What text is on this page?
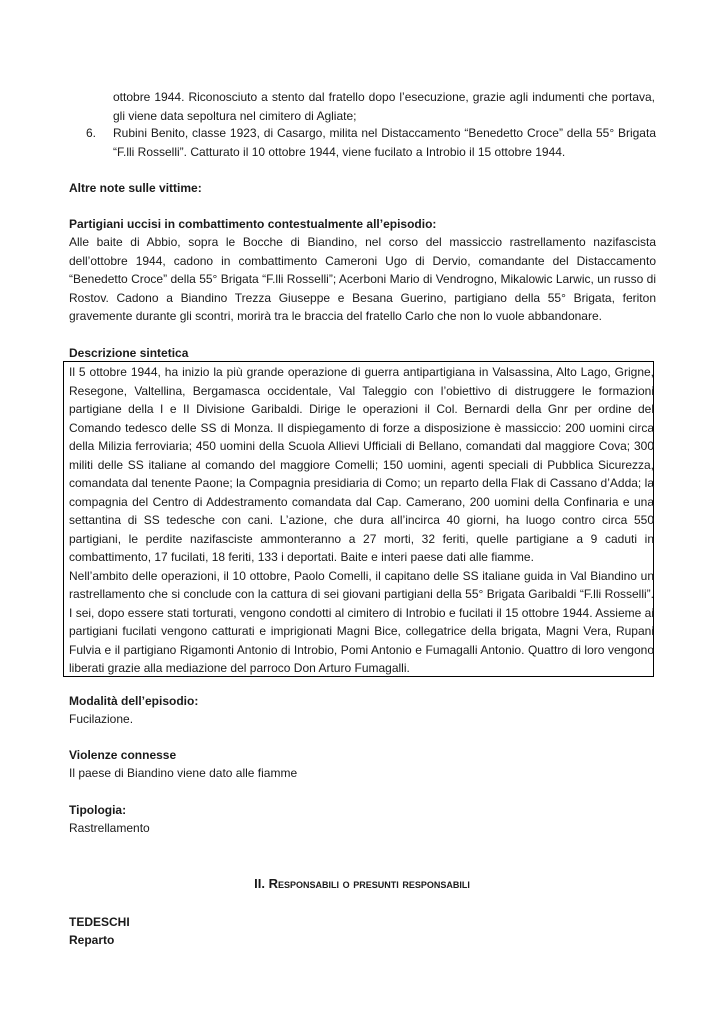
ottobre 1944. Riconosciuto a stento dal fratello dopo l’esecuzione, grazie agli indumenti che portava, gli viene data sepoltura nel cimitero di Agliate;

6. Rubini Benito, classe 1923, di Casargo, milita nel Distaccamento “Benedetto Croce” della 55° Brigata “F.lli Rosselli”. Catturato il 10 ottobre 1944, viene fucilato a Introbio il 15 ottobre 1944.

Altre note sulle vittime:

Partigiani uccisi in combattimento contestualmente all’episodio:

Alle baite di Abbio, sopra le Bocche di Biandino, nel corso del massiccio rastrellamento nazifascista dell’ottobre 1944, cadono in combattimento Cameroni Ugo di Dervio, comandante del Distaccamento “Benedetto Croce” della 55° Brigata “F.lli Rosselli”; Acerboni Mario di Vendrogno, Mikalowic Larwic, un russo di Rostov. Cadono a Biandino Trezza Giuseppe e Besana Guerino, partigiano della 55° Brigata, feriton gravemente durante gli scontri, morirà tra le braccia del fratello Carlo che non lo vuole abbandonare.

Descrizione sintetica

Il 5 ottobre 1944, ha inizio la più grande operazione di guerra antipartigiana in Valsassina, Alto Lago, Grigne, Resegone, Valtellina, Bergamasca occidentale, Val Taleggio con l’obiettivo di distruggere le formazioni partigiane della I e II Divisione Garibaldi. Dirige le operazioni il Col. Bernardi della Gnr per ordine del Comando tedesco delle SS di Monza. Il dispiegamento di forze a disposizione è massiccio: 200 uomini circa della Milizia ferroviaria; 450 uomini della Scuola Allievi Ufficiali di Bellano, comandati dal maggiore Cova; 300 militi delle SS italiane al comando del maggiore Comelli; 150 uomini, agenti speciali di Pubblica Sicurezza, comandata dal tenente Paone; la Compagnia presidiaria di Como; un reparto della Flak di Cassano d’Adda; la compagnia del Centro di Addestramento comandata dal Cap. Camerano, 200 uomini della Confinaria e una settantina di SS tedesche con cani. L’azione, che dura all’incirca 40 giorni, ha luogo contro circa 550 partigiani, le perdite nazifasciste ammonteranno a 27 morti, 32 feriti, quelle partigiane a 9 caduti in combattimento, 17 fucilati, 18 feriti, 133 i deportati. Baite e interi paese dati alle fiamme.

Nell’ambito delle operazioni, il 10 ottobre, Paolo Comelli, il capitano delle SS italiane guida in Val Biandino un rastrellamento che si conclude con la cattura di sei giovani partigiani della 55° Brigata Garibaldi “F.lli Rosselli”. I sei, dopo essere stati torturati, vengono condotti al cimitero di Introbio e fucilati il 15 ottobre 1944. Assieme ai partigiani fucilati vengono catturati e imprigionati Magni Bice, collegatrice della brigata, Magni Vera, Rupani Fulvia e il partigiano Rigamonti Antonio di Introbio, Pomi Antonio e Fumagalli Antonio. Quattro di loro vengono liberati grazie alla mediazione del parroco Don Arturo Fumagalli.

Modalità dell’episodio:

Fucilazione.

Violenze connesse

Il paese di Biandino viene dato alle fiamme

Tipologia:

Rastrellamento

II. Responsabili o presunti responsabili

TEDESCHI

Reparto
